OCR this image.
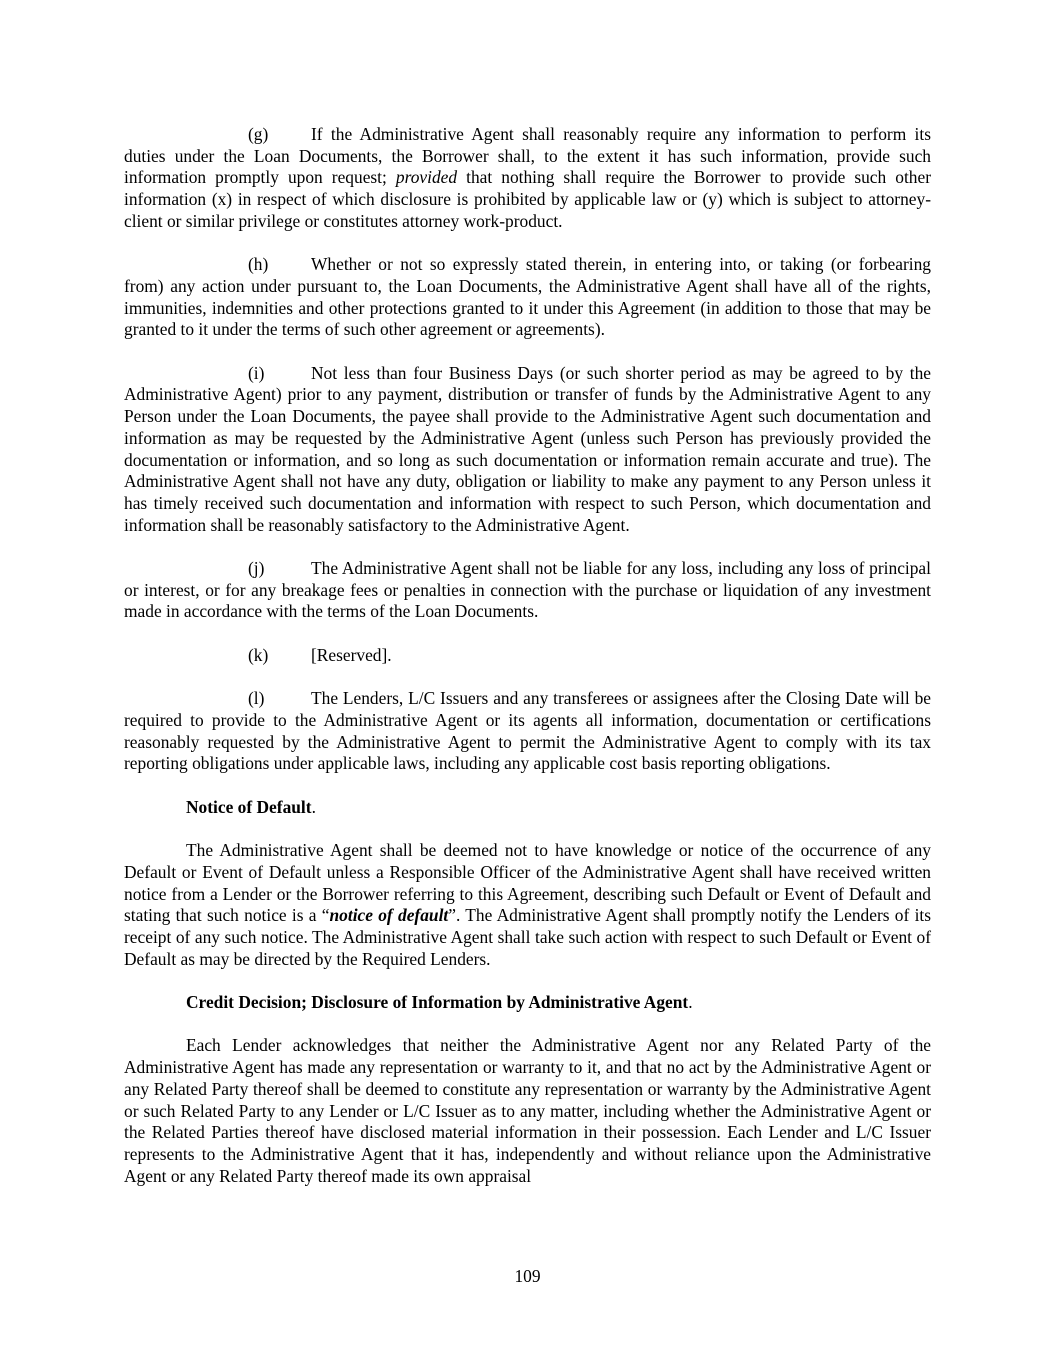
(g) If the Administrative Agent shall reasonably require any information to perform its duties under the Loan Documents, the Borrower shall, to the extent it has such information, provide such information promptly upon request; provided that nothing shall require the Borrower to provide such other information (x) in respect of which disclosure is prohibited by applicable law or (y) which is subject to attorney-client or similar privilege or constitutes attorney work-product.

(h) Whether or not so expressly stated therein, in entering into, or taking (or forbearing from) any action under pursuant to, the Loan Documents, the Administrative Agent shall have all of the rights, immunities, indemnities and other protections granted to it under this Agreement (in addition to those that may be granted to it under the terms of such other agreement or agreements).

(i)	Not less than four Business Days (or such shorter period as may be agreed to by the Administrative Agent) prior to any payment, distribution or transfer of funds by the Administrative Agent to any Person under the Loan Documents, the payee shall provide to the Administrative Agent such documentation and information as may be requested by the Administrative Agent (unless such Person has previously provided the documentation or information, and so long as such documentation or information remain accurate and true). The Administrative Agent shall not have any duty, obligation or liability to make any payment to any Person unless it has timely received such documentation and information with respect to such Person, which documentation and information shall be reasonably satisfactory to the Administrative Agent.

(j)	The Administrative Agent shall not be liable for any loss, including any loss of principal or interest, or for any breakage fees or penalties in connection with the purchase or liquidation of any investment made in accordance with the terms of the Loan Documents.

(k) [Reserved].

(l)	The Lenders, L/C Issuers and any transferees or assignees after the Closing Date will be required to provide to the Administrative Agent or its agents all information, documentation or certifications reasonably requested by the Administrative Agent to permit the Administrative Agent to comply with its tax reporting obligations under applicable laws, including any applicable cost basis reporting obligations.

Notice of Default.

The Administrative Agent shall be deemed not to have knowledge or notice of the occurrence of any Default or Event of Default unless a Responsible Officer of the Administrative Agent shall have received written notice from a Lender or the Borrower referring to this Agreement, describing such Default or Event of Default and stating that such notice is a “notice of default”. The Administrative Agent shall promptly notify the Lenders of its receipt of any such notice. The Administrative Agent shall take such action with respect to such Default or Event of Default as may be directed by the Required Lenders.

Credit Decision; Disclosure of Information by Administrative Agent.

Each Lender acknowledges that neither the Administrative Agent nor any Related Party of the Administrative Agent has made any representation or warranty to it, and that no act by the Administrative Agent or any Related Party thereof shall be deemed to constitute any representation or warranty by the Administrative Agent or such Related Party to any Lender or L/C Issuer as to any matter, including whether the Administrative Agent or the Related Parties thereof have disclosed material information in their possession. Each Lender and L/C Issuer represents to the Administrative Agent that it has, independently and without reliance upon the Administrative Agent or any Related Party thereof made its own appraisal

109
